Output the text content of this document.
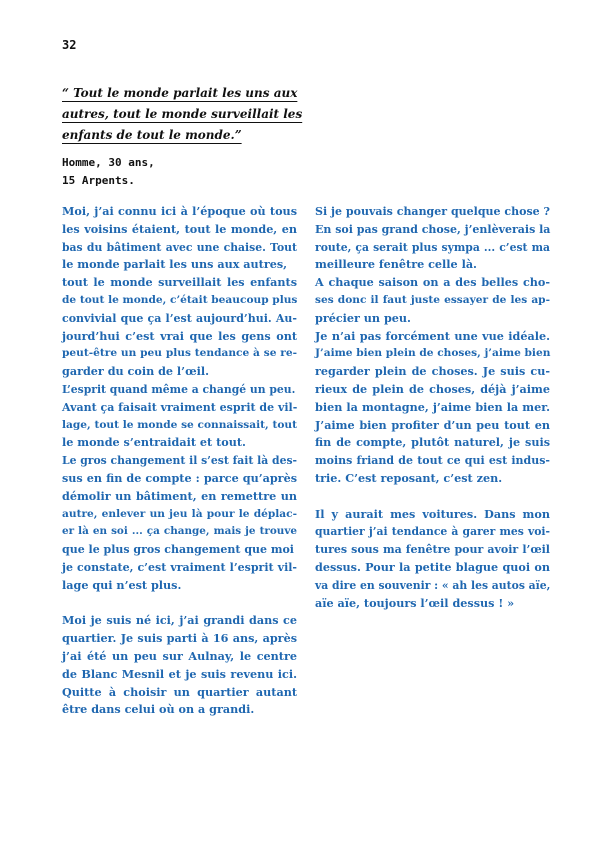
32
“ Tout le monde parlait les uns aux
autres, tout le monde surveillait les
enfants de tout le monde.”
Homme, 30 ans,
15 Arpents.

Moi, j’ai connu ici à l’époque où tous
les voisins étaient, tout le monde, en
bas du bâtiment avec une chaise. Tout
le monde parlait les uns aux autres,
tout le monde surveillait les enfants
de tout le monde, c’était beaucoup plus
convivial que ça l’est aujourd’hui. Au-
jourd’hui c’est vrai que les gens ont
peut-être un peu plus tendance à se re-
garder du coin de l’œil.

L’esprit quand même a changé un peu.
Avant ça faisait vraiment esprit de vil-
lage, tout le monde se connaissait, tout
le monde s’entraidait et tout.

Le gros changement il s’est fait là des-
sus en fin de compte : parce qu’après
démolir un bâtiment, en remettre un
autre, enlever un jeu là pour le déplac-
er là en soi ... ça change, mais je trouve
que le plus gros changement que moi
je constate, c’est vraiment l’esprit vil-
lage qui n’est plus.

Moi je suis né ici, j’ai grandi dans ce
quartier. Je suis parti à 16 ans, après
j’ai été un peu sur Aulnay, le centre
de Blanc Mesnil et je suis revenu ici.
Quitte à choisir un quartier autant
être dans celui où on a grandi.

Si je pouvais changer quelque chose ?
En soi pas grand chose, j’enlèverais la
route, ça serait plus sympa ... c’est ma
meilleure fenêtre celle là.

A chaque saison on a des belles cho-
ses donc il faut juste essayer de les ap-
précier un peu.

Je n’ai pas forcément une vue idéale.
J’aime bien plein de choses, j’aime bien
regarder plein de choses. Je suis cu-
rieux de plein de choses, déjà j’aime
bien la montagne, j’aime bien la mer.
J’aime bien profiter d’un peu tout en
fin de compte, plutôt naturel, je suis
moins friand de tout ce qui est indus-
trie. C’est reposant, c’est zen.

Il y aurait mes voitures. Dans mon
quartier j’ai tendance à garer mes voi-
tures sous ma fenêtre pour avoir l’œil
dessus. Pour la petite blague quoi on
va dire en souvenir : « ah les autos aïe,
aïe aïe, toujours l’œil dessus ! »
